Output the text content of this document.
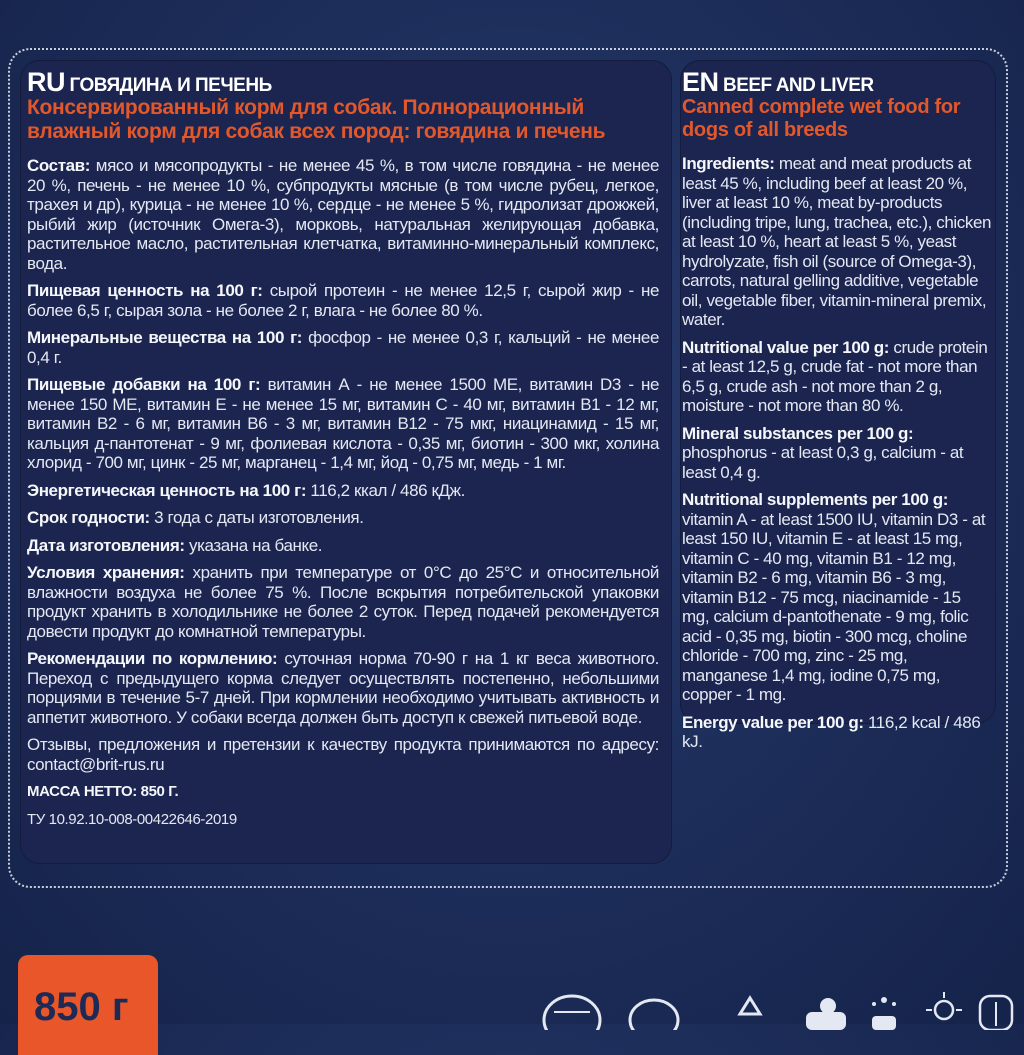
RU ГОВЯДИНА И ПЕЧЕНЬ

Консервированный корм для собак. Полнорационный влажный корм для собак всех пород: говядина и печень

Состав: мясо и мясопродукты - не менее 45 %, в том числе говядина - не менее 20 %, печень - не менее 10 %, субпродукты мясные (в том числе рубец, легкое, трахея и др), курица - не менее 10 %, сердце - не менее 5 %, гидролизат дрожжей, рыбий жир (источник Омега-3), морковь, натуральная желирующая добавка, растительное масло, растительная клетчатка, витаминно-минеральный комплекс, вода.

Пищевая ценность на 100 г: сырой протеин - не менее 12,5 г, сырой жир - не более 6,5 г, сырая зола - не более 2 г, влага - не более 80 %.

Минеральные вещества на 100 г: фосфор - не менее 0,3 г, кальций - не менее 0,4 г.

Пищевые добавки на 100 г: витамин А - не менее 1500 МЕ, витамин D3 - не менее 150 МЕ, витамин Е - не менее 15 мг, витамин С - 40 мг, витамин В1 - 12 мг, витамин В2 - 6 мг, витамин В6 - 3 мг, витамин В12 - 75 мкг, ниацинамид - 15 мг, кальция д-пантотенат - 9 мг, фолиевая кислота - 0,35 мг, биотин - 300 мкг, холина хлорид - 700 мг, цинк - 25 мг, марганец - 1,4 мг, йод - 0,75 мг, медь - 1 мг.

Энергетическая ценность на 100 г: 116,2 ккал / 486 кДж.

Срок годности: 3 года с даты изготовления.

Дата изготовления: указана на банке.

Условия хранения: хранить при температуре от 0°С до 25°С и относительной влажности воздуха не более 75 %. После вскрытия потребительской упаковки продукт хранить в холодильнике не более 2 суток. Перед подачей рекомендуется довести продукт до комнатной температуры.

Рекомендации по кормлению: суточная норма 70-90 г на 1 кг веса животного. Переход с предыдущего корма следует осуществлять постепенно, небольшими порциями в течение 5-7 дней. При кормлении необходимо учитывать активность и аппетит животного. У собаки всегда должен быть доступ к свежей питьевой воде.

Отзывы, предложения и претензии к качеству продукта принимаются по адресу: contact@brit-rus.ru

МАССА НЕТТО: 850 Г.

ТУ 10.92.10-008-00422646-2019

EN BEEF AND LIVER

Canned complete wet food for dogs of all breeds

Ingredients: meat and meat products at least 45 %, including beef at least 20 %, liver at least 10 %, meat by-products (including tripe, lung, trachea, etc.), chicken at least 10 %, heart at least 5 %, yeast hydrolyzate, fish oil (source of Omega-3), carrots, natural gelling additive, vegetable oil, vegetable fiber, vitamin-mineral premix, water.

Nutritional value per 100 g: crude protein - at least 12,5 g, crude fat - not more than 6,5 g, crude ash - not more than 2 g, moisture - not more than 80 %.

Mineral substances per 100 g: phosphorus - at least 0,3 g, calcium - at least 0,4 g.

Nutritional supplements per 100 g: vitamin A - at least 1500 IU, vitamin D3 - at least 150 IU, vitamin E - at least 15 mg, vitamin C - 40 mg, vitamin B1 - 12 mg, vitamin B2 - 6 mg, vitamin B6 - 3 mg, vitamin B12 - 75 mcg, niacinamide - 15 mg, calcium d-pantothenate - 9 mg, folic acid - 0,35 mg, biotin - 300 mcg, choline chloride - 700 mg, zinc - 25 mg, manganese 1,4 mg, iodine 0,75 mg, copper - 1 mg.

Energy value per 100 g: 116,2 kcal / 486 kJ.

850 г
